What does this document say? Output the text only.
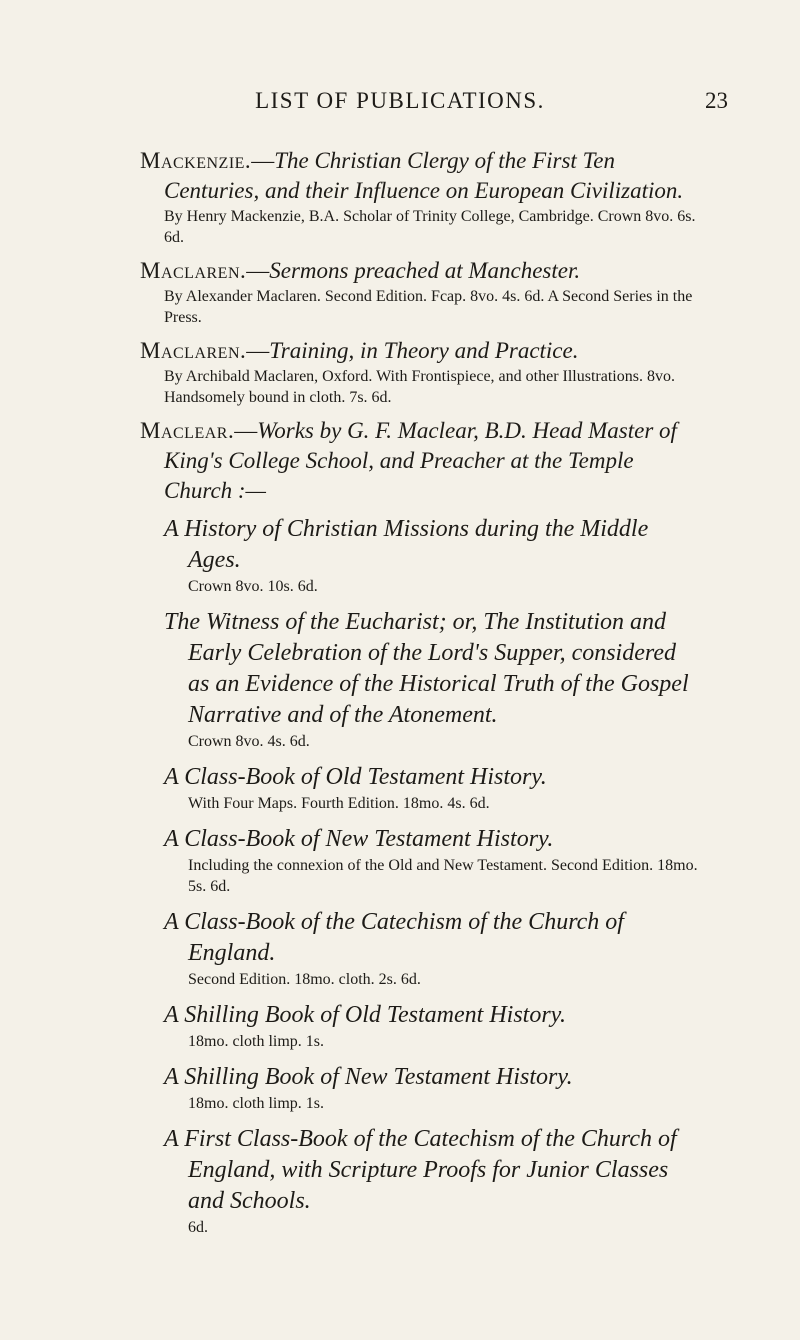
LIST OF PUBLICATIONS.	23
Mackenzie.—The Christian Clergy of the First Ten Centuries, and their Influence on European Civilization.
By Henry Mackenzie, B.A. Scholar of Trinity College, Cambridge. Crown 8vo. 6s. 6d.
Maclaren.—Sermons preached at Manchester.
By Alexander Maclaren. Second Edition. Fcap. 8vo. 4s. 6d. A Second Series in the Press.
Maclaren.—Training, in Theory and Practice.
By Archibald Maclaren, Oxford. With Frontispiece, and other Illustrations. 8vo. Handsomely bound in cloth. 7s. 6d.
Maclear.—Works by G. F. Maclear, B.D. Head Master of King's College School, and Preacher at the Temple Church :—
A History of Christian Missions during the Middle Ages.
Crown 8vo. 10s. 6d.
The Witness of the Eucharist; or, The Institution and Early Celebration of the Lord's Supper, considered as an Evidence of the Historical Truth of the Gospel Narrative and of the Atonement.
Crown 8vo. 4s. 6d.
A Class-Book of Old Testament History.
With Four Maps. Fourth Edition. 18mo. 4s. 6d.
A Class-Book of New Testament History.
Including the connexion of the Old and New Testament. Second Edition. 18mo. 5s. 6d.
A Class-Book of the Catechism of the Church of England.
Second Edition. 18mo. cloth. 2s. 6d.
A Shilling Book of Old Testament History.
18mo. cloth limp. 1s.
A Shilling Book of New Testament History.
18mo. cloth limp. 1s.
A First Class-Book of the Catechism of the Church of England, with Scripture Proofs for Junior Classes and Schools.
6d.
